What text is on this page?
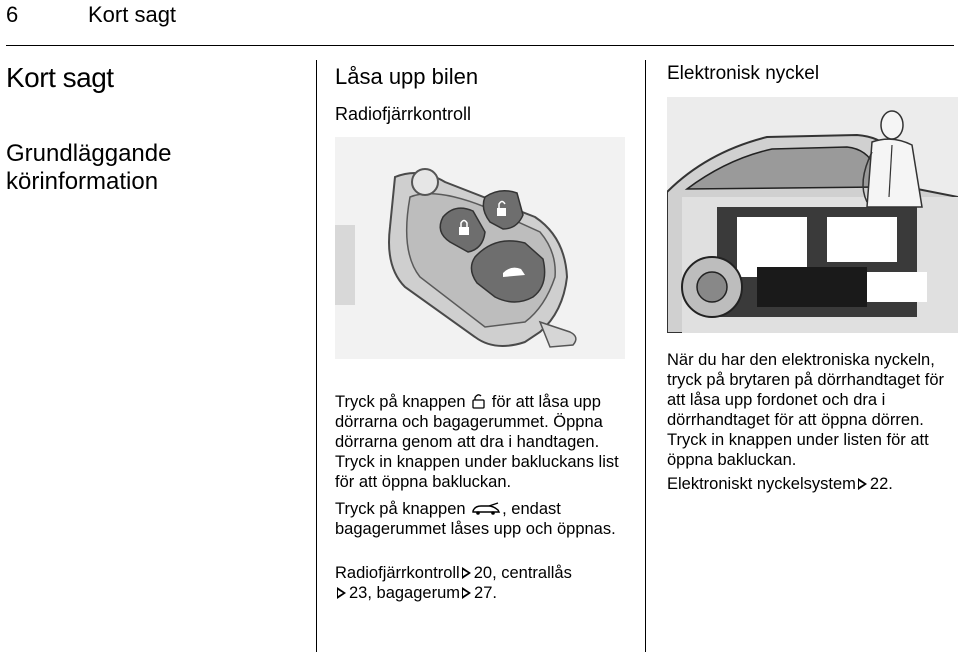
6	Kort sagt
Kort sagt
Grundläggande körinformation
Låsa upp bilen
Radiofjärrkontroll
Tryck på knappen för att låsa upp dörrarna och bagagerummet. Öppna dörrarna genom att dra i handtagen. Tryck in knappen under bakluckans list för att öppna bakluckan.
Tryck på knappen , endast bagagerummet låses upp och öppnas.
Radiofjärrkontroll 20, centrallås
23, bagagerum 27.
Elektronisk nyckel
När du har den elektroniska nyckeln, tryck på brytaren på dörrhandtaget för att låsa upp fordonet och dra i dörrhandtaget för att öppna dörren. Tryck in knappen under listen för att öppna bakluckan.
Elektroniskt nyckelsystem 22.
